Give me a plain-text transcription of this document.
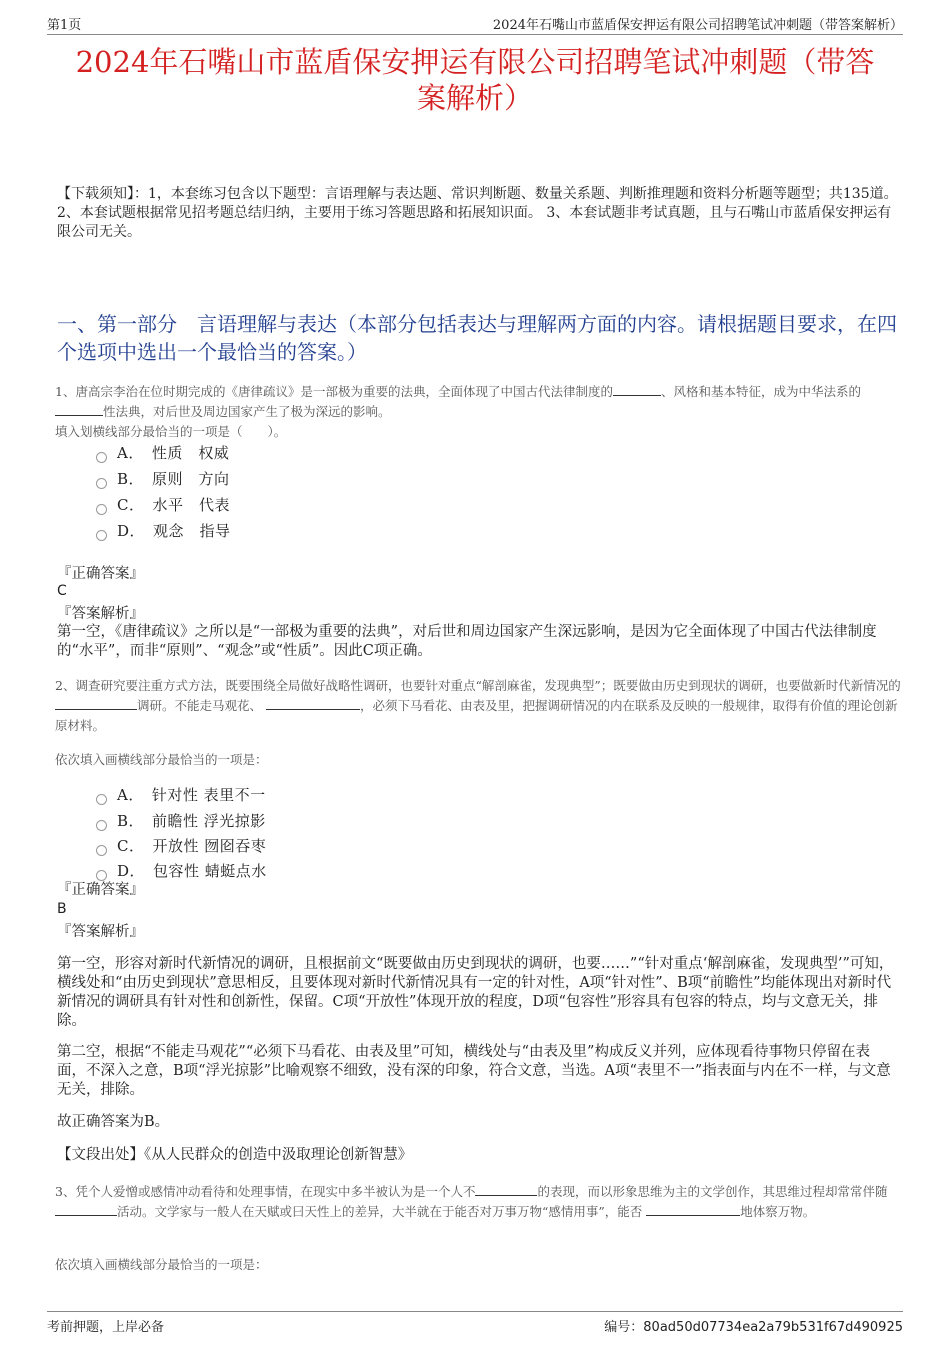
第1页	2024年石嘴山市蓝盾保安押运有限公司招聘笔试冲刺题（带答案解析）
2024年石嘴山市蓝盾保安押运有限公司招聘笔试冲刺题（带答
案解析）
【下载须知】：1，本套练习包含以下题型：言语理解与表达题、常识判断题、数量关系题、判断推理题和资料分析题等题型；共135道。 2、本套试题根据常见招考题总结归纳，主要用于练习答题思路和拓展知识面。 3、本套试题非考试真题，且与石嘴山市蓝盾保安押运有限公司无关。
一、第一部分　言语理解与表达（本部分包括表达与理解两方面的内容。请根据题目要求，在四个选项中选出一个最恰当的答案。）
1、唐高宗李治在位时期完成的《唐律疏议》是一部极为重要的法典，全面体现了中国古代法律制度的	、风格和基本特征，成为中华法系的性法典，对后世及周边国家产生了极为深远的影响。
填入划横线部分最恰当的一项是（　　）。
A．　性质　权威
B．　原则　方向
C．　水平　代表
D．　观念　指导
『正确答案』
C
『答案解析』
第一空，《唐律疏议》之所以是“一部极为重要的法典”，对后世和周边国家产生深远影响，是因为它全面体现了中国古代法律制度的“水平”，而非“原则”、“观念”或“性质”。因此C项正确。
2、调查研究要注重方式方法，既要围绕全局做好战略性调研，也要针对重点“解剖麻雀，发现典型”；既要做由历史到现状的调研，也要做新时代新情况的调研。不能走马观花、	，必须下马看花、由表及里，把握调研情况的内在联系及反映的一般规律，取得有价值的理论创新原材料。
依次填入画横线部分最恰当的一项是：
A．　针对性 表里不一
B．　前瞻性 浮光掠影
C．　开放性 囫囵吞枣
D．　包容性 蜻蜓点水
『正确答案』
B
『答案解析』
第一空，形容对新时代新情况的调研，且根据前文“既要做由历史到现状的调研，也要……”“针对重点‘解剖麻雀，发现典型’”可知，横线处和“由历史到现状”意思相反，且要体现对新时代新情况具有一定的针对性，A项“针对性”、B项“前瞻性”均能体现出对新时代新情况的调研具有针对性和创新性，保留。C项“开放性”体现开放的程度，D项“包容性”形容具有包容的特点，均与文意无关，排除。
第二空，根据“不能走马观花”“必须下马看花、由表及里”可知，横线处与“由表及里”构成反义并列，应体现看待事物只停留在表面，不深入之意，B项“浮光掠影”比喻观察不细致，没有深的印象，符合文意，当选。A项“表里不一”指表面与内在不一样，与文意无关，排除。
故正确答案为B。
【文段出处】《从人民群众的创造中汲取理论创新智慧》
3、凭个人爱憎或感情冲动看待和处理事情，在现实中多半被认为是一个人不	的表现，而以形象思维为主的文学创作，其思维过程却常常伴随 活动。文学家与一般人在天赋或曰天性上的差异，大半就在于能否对万事万物“感情用事”，能否	地体察万物。
依次填入画横线部分最恰当的一项是：
考前押题，上岸必备	编号：80ad50d07734ea2a79b531f67d490925
